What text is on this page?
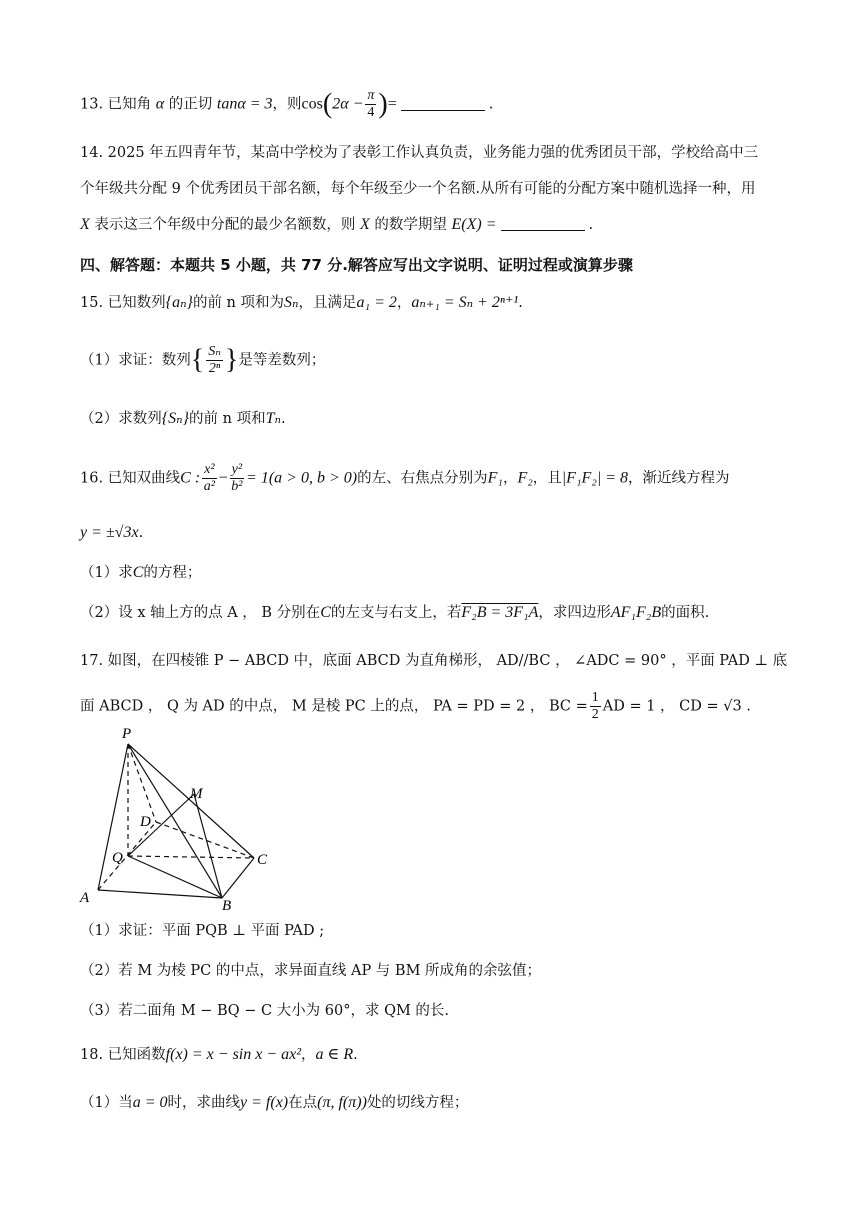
13. 已知角 α 的正切 tanα = 3，则$\cos(2\alpha - \frac{\pi}{4}$ )=	.
14. 2025 年五四青年节，某高中学校为了表彰工作认真负责，业务能力强的优秀团员干部，学校给高中三
个年级共分配 9 个优秀团员干部名额，每个年级至少一个名额.从所有可能的分配方案中随机选择一种，用
X 表示这三个年级中分配的最少名额数，则 X 的数学期望 E(X) =	.
四、解答题：本题共 5 小题，共 77 分.解答应写出文字说明、证明过程或演算步骤
15. 已知数列{aₙ}的前 n 项和为Sₙ，且满足a₁ = 2，aₙ₊₁ = Sₙ + 2ⁿ⁺¹.
（1）求证：数列{ $\frac{\text{Sₙ}}{\text{2ⁿ}}$ }是等差数列；
（2）求数列{Sₙ}的前 n 项和Tₙ.
16. 已知双曲线C : $\frac{\text{x²}}{\text{a²}} - \frac{\text{y²}}{\text{b²}} = 1(a > 0$, b > 0)的左、右焦点分别为F₁，F₂，且|F₁F₂| = 8，渐近线方程为
y = ±√3x.
（1）求C的方程；
（2）设 x 轴上方的点 A ， B 分别在C的左支与右支上，若F₂B = 3F₁A，求四边形AF₁F₂B的面积.
17. 如图，在四棱锥 P − ABCD 中，底面 ABCD 为直角梯形， AD//BC ， ∠ADC = 90° ，平面 PAD ⊥ 底
面 ABCD ， Q 为 AD 的中点， M 是棱 PC 上的点， PA = PD = 2 ， BC = $\frac{1}{2}$ AD = 1 ， CD = √3 .
P
M
D
Q	C
A	B
（1）求证：平面 PQB ⊥ 平面 PAD ;
（2）若 M 为棱 PC 的中点，求异面直线 AP 与 BM 所成角的余弦值；
（3）若二面角 M − BQ − C 大小为 60°，求 QM 的长.
18. 已知函数f(x) = x − sin x − ax²，a ∈ R.
（1）当a = 0时，求曲线y = f(x)在点(π, f(π))处的切线方程；
